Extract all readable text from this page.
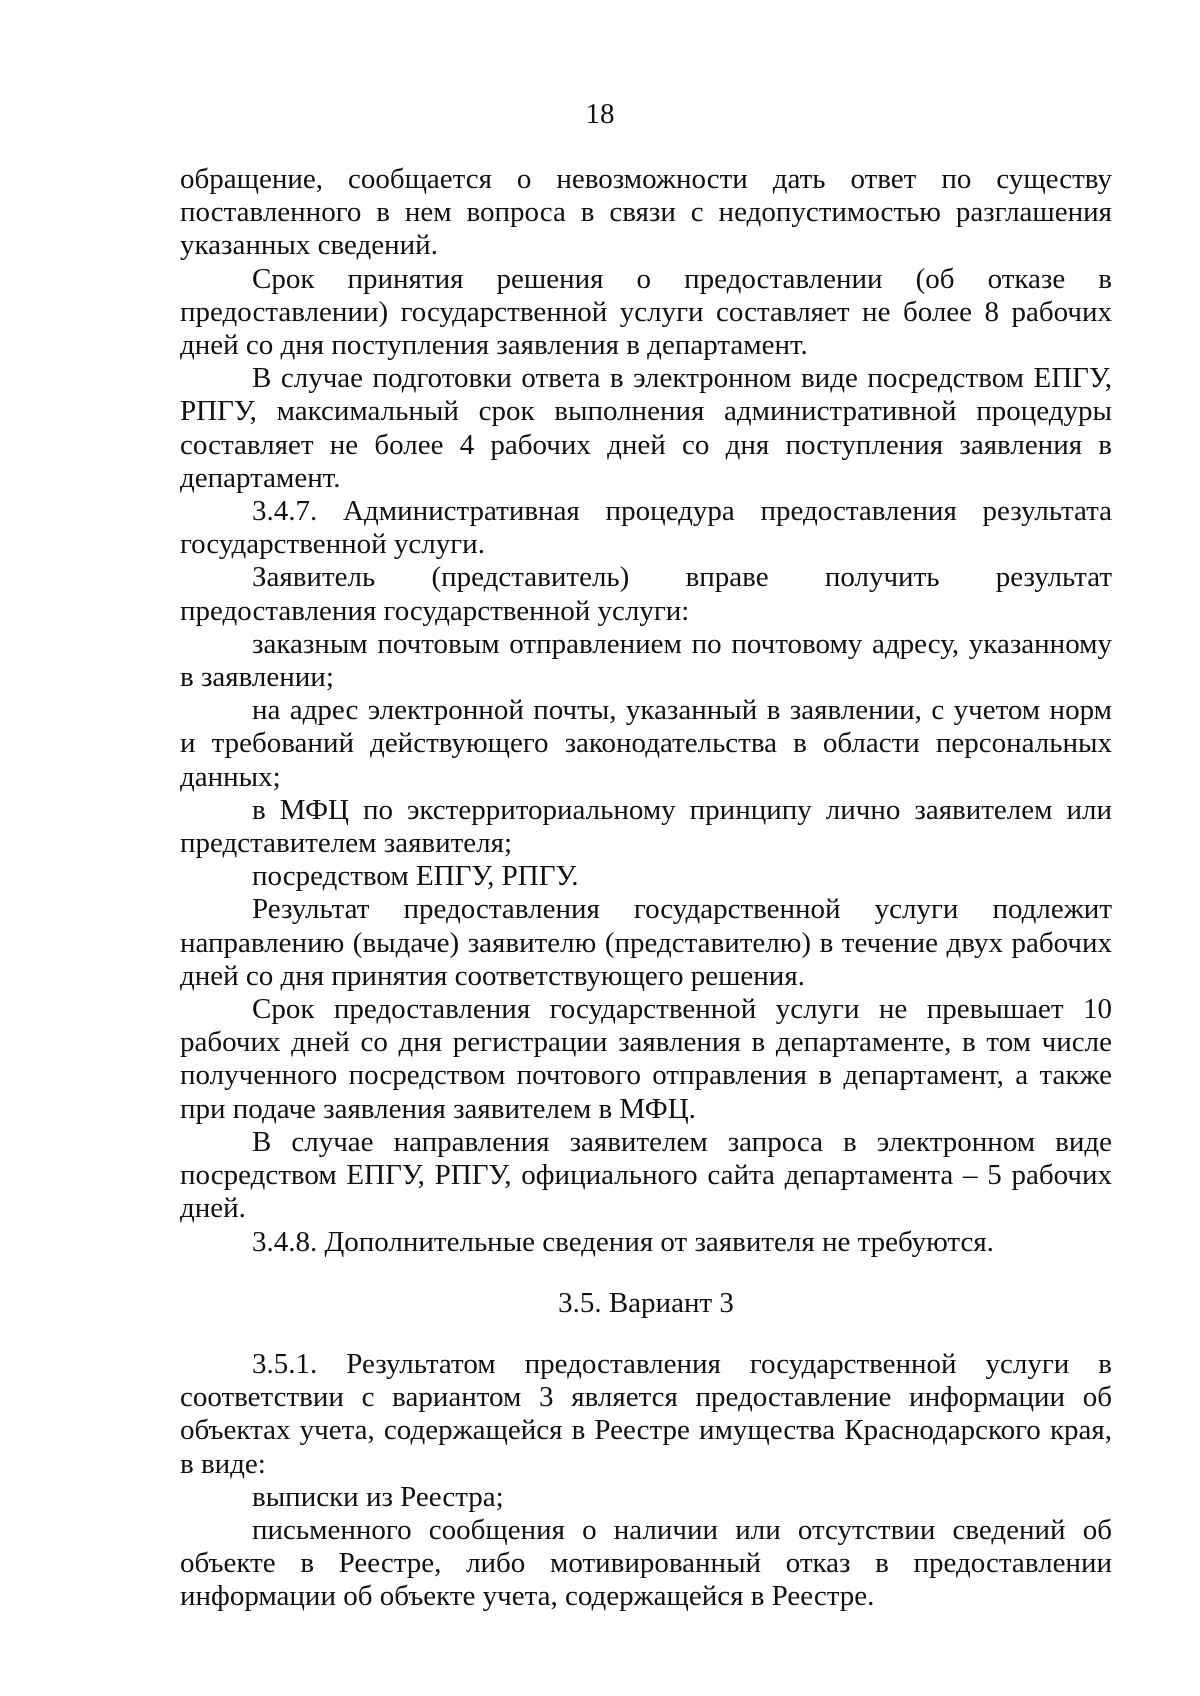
18

обращение, сообщается о невозможности дать ответ по существу поставленного в нем вопроса в связи с недопустимостью разглашения указанных сведений.

Срок принятия решения о предоставлении (об отказе в предоставлении) государственной услуги составляет не более 8 рабочих дней со дня поступления заявления в департамент.

В случае подготовки ответа в электронном виде посредством ЕПГУ, РПГУ, максимальный срок выполнения административной процедуры составляет не более 4 рабочих дней со дня поступления заявления в департамент.

3.4.7. Административная процедура предоставления результата государственной услуги.

Заявитель (представитель) вправе получить результат предоставления государственной услуги:

заказным почтовым отправлением по почтовому адресу, указанному в заявлении;

на адрес электронной почты, указанный в заявлении, с учетом норм и требований действующего законодательства в области персональных данных;

в МФЦ по экстерриториальному принципу лично заявителем или представителем заявителя;

посредством ЕПГУ, РПГУ.

Результат предоставления государственной услуги подлежит направлению (выдаче) заявителю (представителю) в течение двух рабочих дней со дня принятия соответствующего решения.

Срок предоставления государственной услуги не превышает 10 рабочих дней со дня регистрации заявления в департаменте, в том числе полученного посредством почтового отправления в департамент, а также при подаче заявления заявителем в МФЦ.

В случае направления заявителем запроса в электронном виде посредством ЕПГУ, РПГУ, официального сайта департамента – 5 рабочих дней.

3.4.8. Дополнительные сведения от заявителя не требуются.

3.5. Вариант 3

3.5.1. Результатом предоставления государственной услуги в соответствии с вариантом 3 является предоставление информации об объектах учета, содержащейся в Реестре имущества Краснодарского края, в виде:

выписки из Реестра;

письменного сообщения о наличии или отсутствии сведений об объекте в Реестре, либо мотивированный отказ в предоставлении информации об объекте учета, содержащейся в Реестре.
